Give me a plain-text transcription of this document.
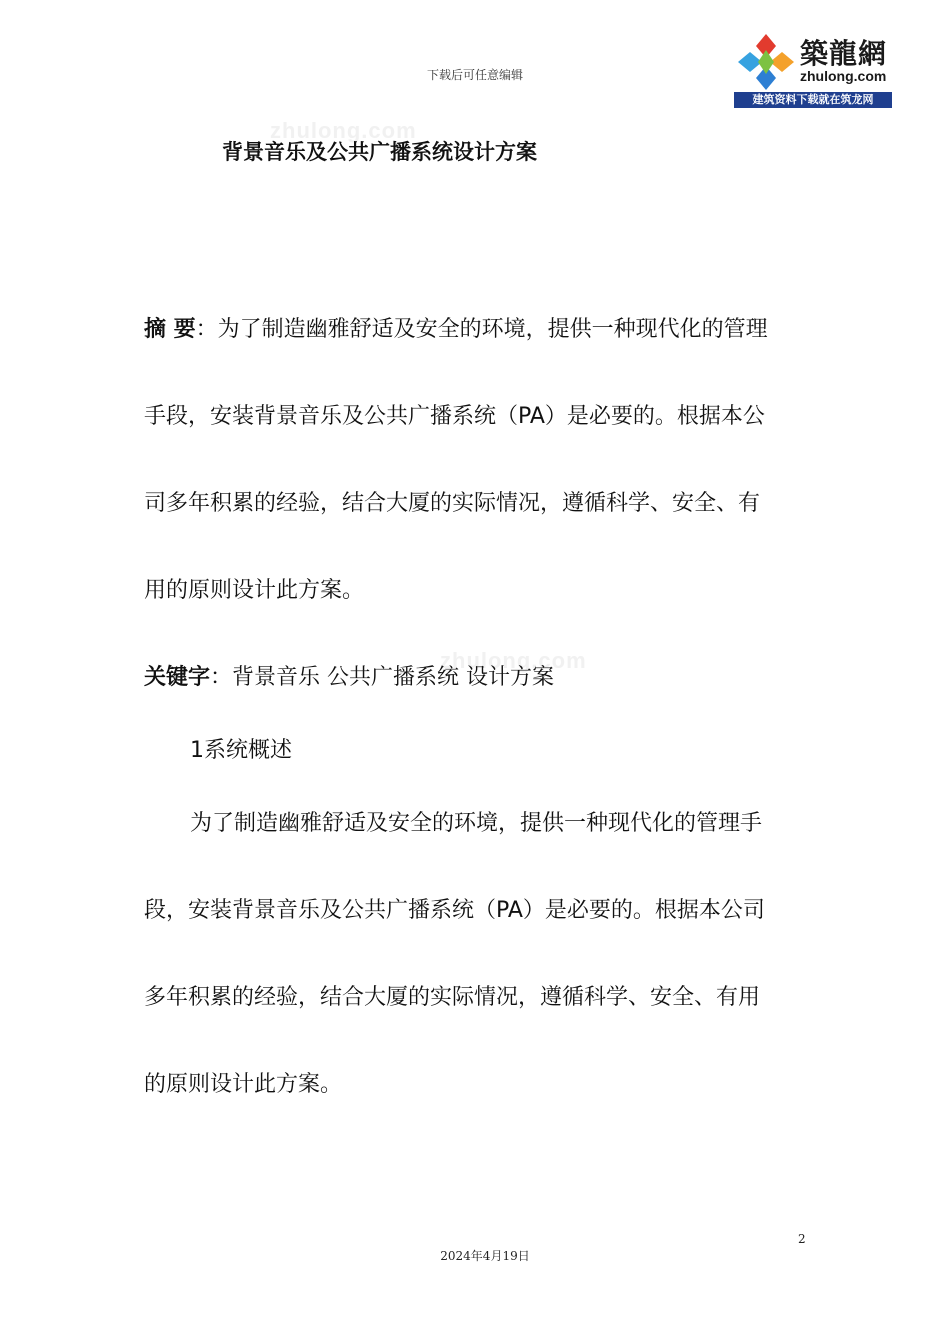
下载后可任意编辑
築龍網
zhulong.com
建筑资料下载就在筑龙网
zhulong.com
zhulong.com
背景音乐及公共广播系统设计方案
摘 要：为了制造幽雅舒适及安全的环境，提供一种现代化的管理
手段，安装背景音乐及公共广播系统（PA）是必要的。根据本公
司多年积累的经验，结合大厦的实际情况，遵循科学、安全、有
用的原则设计此方案。
关键字：背景音乐 公共广播系统 设计方案
1系统概述
为了制造幽雅舒适及安全的环境，提供一种现代化的管理手
段，安装背景音乐及公共广播系统（PA）是必要的。根据本公司
多年积累的经验，结合大厦的实际情况，遵循科学、安全、有用
的原则设计此方案。
2
2024年4月19日
